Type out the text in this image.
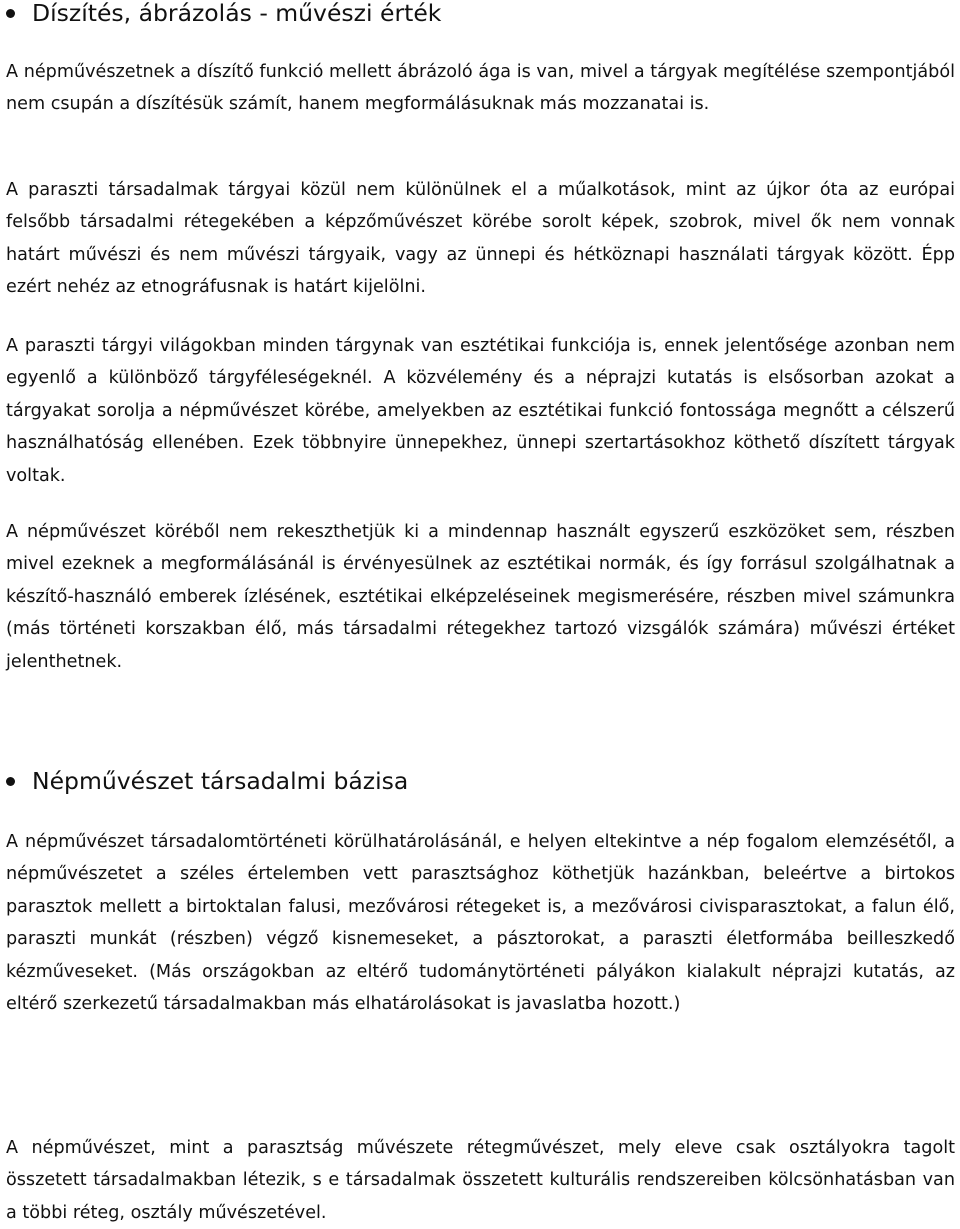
Díszítés, ábrázolás - művészi érték

A népművészetnek a díszítő funkció mellett ábrázoló ága is van, mivel a tárgyak megítélése szempontjából nem csupán a díszítésük számít, hanem megformálásuknak más mozzanatai is.

A paraszti társadalmak tárgyai közül nem különülnek el a műalkotások, mint az újkor óta az európai felsőbb társadalmi rétegekében a képzőművészet körébe sorolt képek, szobrok, mivel ők nem vonnak határt művészi és nem művészi tárgyaik, vagy az ünnepi és hétköznapi használati tárgyak között. Épp ezért nehéz az etnográfusnak is határt kijelölni.

A paraszti tárgyi világokban minden tárgynak van esztétikai funkciója is, ennek jelentősége azonban nem egyenlő a különböző tárgyféleségeknél. A közvélemény és a néprajzi kutatás is elsősorban azokat a tárgyakat sorolja a népművészet körébe, amelyekben az esztétikai funkció fontossága megnőtt a célszerű használhatóság ellenében. Ezek többnyire ünnepekhez, ünnepi szertartásokhoz köthető díszített tárgyak voltak.

A népművészet köréből nem rekeszthetjük ki a mindennap használt egyszerű eszközöket sem, részben mivel ezeknek a megformálásánál is érvényesülnek az esztétikai normák, és így forrásul szolgálhatnak a készítő-használó emberek ízlésének, esztétikai elképzeléseinek megismerésére, részben mivel számunkra (más történeti korszakban élő, más társadalmi rétegekhez tartozó vizsgálók számára) művészi értéket jelenthetnek.

Népművészet társadalmi bázisa

A népművészet társadalomtörténeti körülhatárolásánál, e helyen eltekintve a nép fogalom elemzésétől, a népművészetet a széles értelemben vett parasztsághoz köthetjük hazánkban, beleértve a birtokos parasztok mellett a birtoktalan falusi, mezővárosi rétegeket is, a mezővárosi civisparasztokat, a falun élő, paraszti munkát (részben) végző kisnemeseket, a pásztorokat, a paraszti életformába beilleszkedő kézműveseket. (Más országokban az eltérő tudománytörténeti pályákon kialakult néprajzi kutatás, az eltérő szerkezetű társadalmakban más elhatárolásokat is javaslatba hozott.)

A népművészet, mint a parasztság művészete rétegművészet, mely eleve csak osztályokra tagolt összetett társadalmakban létezik, s e társadalmak összetett kulturális rendszereiben kölcsönhatásban van a többi réteg, osztály művészetével.
